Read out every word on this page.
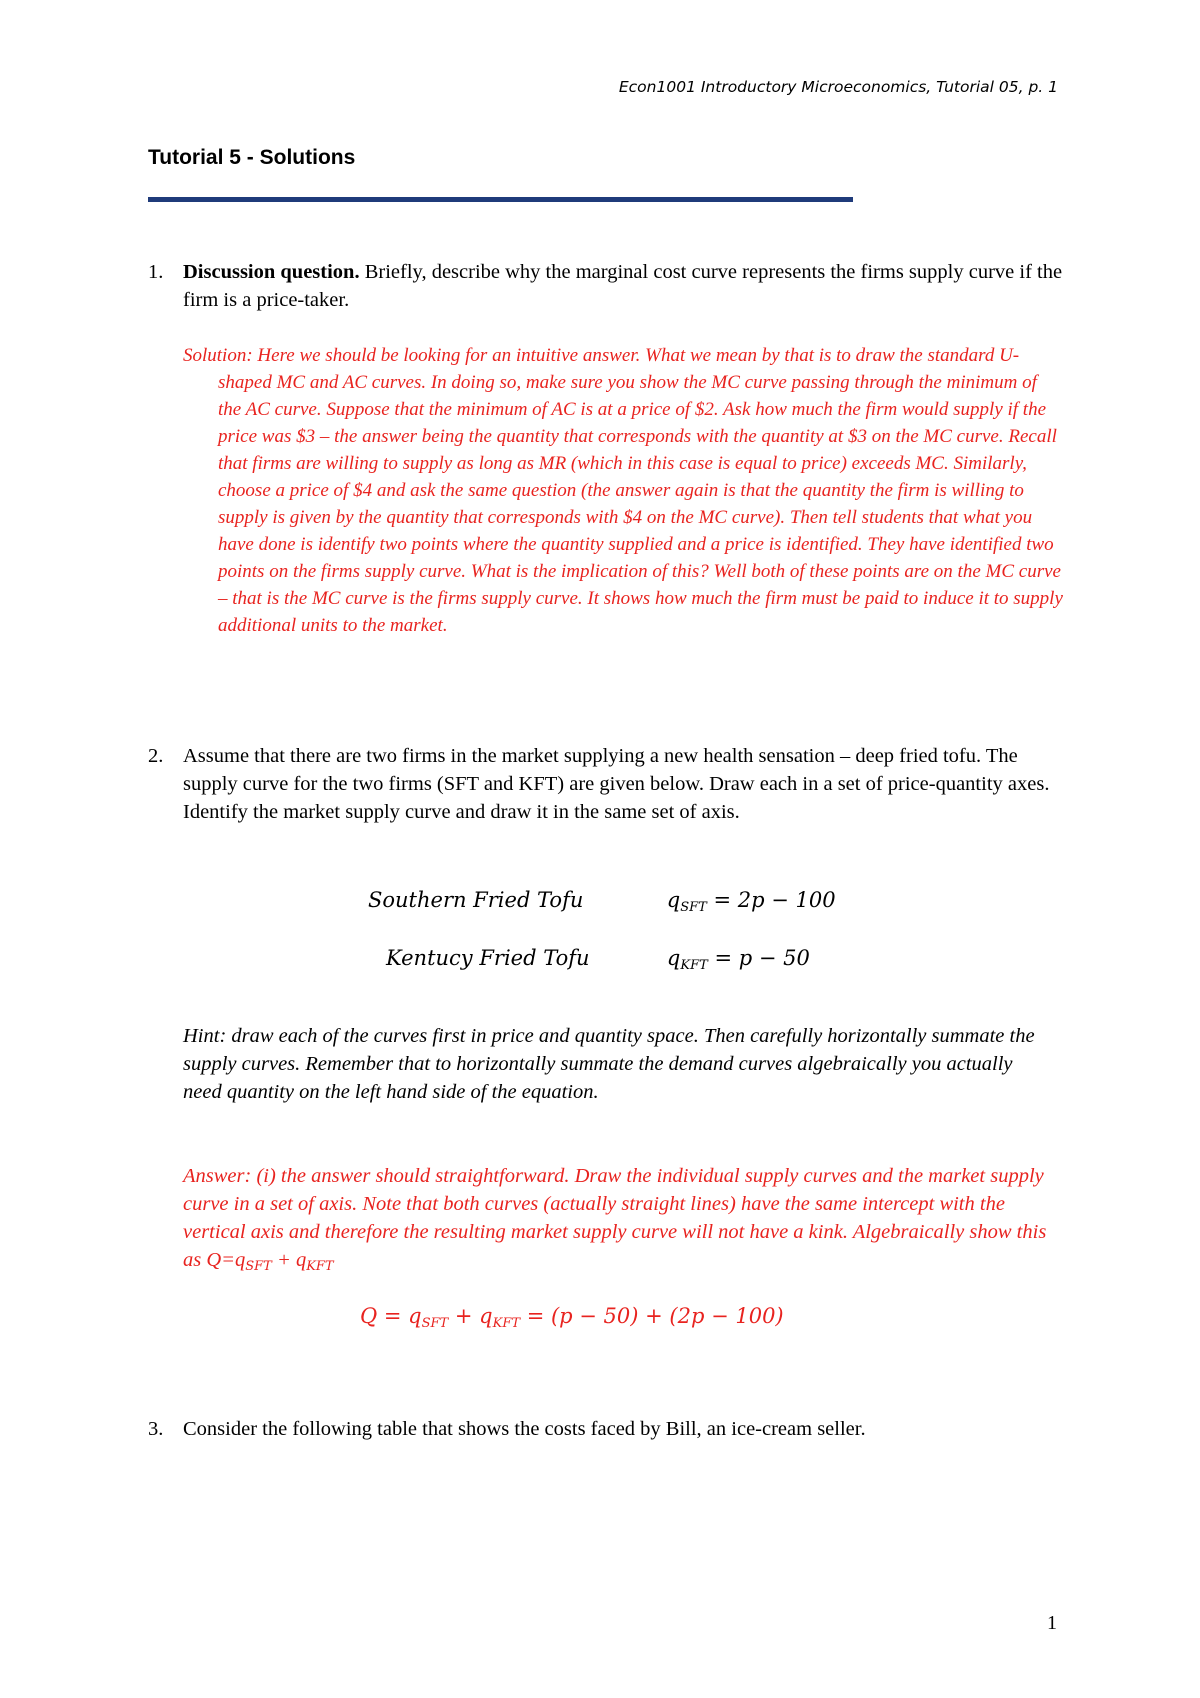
Econ1001 Introductory Microeconomics, Tutorial 05, p. 1
Tutorial 5 - Solutions
1. Discussion question. Briefly, describe why the marginal cost curve represents the firms supply curve if the firm is a price-taker.
Solution: Here we should be looking for an intuitive answer. What we mean by that is to draw the standard U-shaped MC and AC curves. In doing so, make sure you show the MC curve passing through the minimum of the AC curve. Suppose that the minimum of AC is at a price of $2. Ask how much the firm would supply if the price was $3 – the answer being the quantity that corresponds with the quantity at $3 on the MC curve. Recall that firms are willing to supply as long as MR (which in this case is equal to price) exceeds MC. Similarly, choose a price of $4 and ask the same question (the answer again is that the quantity the firm is willing to supply is given by the quantity that corresponds with $4 on the MC curve). Then tell students that what you have done is identify two points where the quantity supplied and a price is identified. They have identified two points on the firms supply curve. What is the implication of this? Well both of these points are on the MC curve – that is the MC curve is the firms supply curve. It shows how much the firm must be paid to induce it to supply additional units to the market.
2. Assume that there are two firms in the market supplying a new health sensation – deep fried tofu. The supply curve for the two firms (SFT and KFT) are given below. Draw each in a set of price-quantity axes. Identify the market supply curve and draw it in the same set of axis.
Southern Fried Tofu	$q_{SFT} = 2p - 100$
Kentucy Fried Tofu	$q_{KFT} = p - 50$
Hint: draw each of the curves first in price and quantity space. Then carefully horizontally summate the supply curves. Remember that to horizontally summate the demand curves algebraically you actually need quantity on the left hand side of the equation.
Answer: (i) the answer should straightforward. Draw the individual supply curves and the market supply curve in a set of axis. Note that both curves (actually straight lines) have the same intercept with the vertical axis and therefore the resulting market supply curve will not have a kink. Algebraically show this as $Q=q_{SFT} + q_{KFT}$
$Q = q_{SFT} + q_{KFT} = (p - 50) + (2p - 100)$
3. Consider the following table that shows the costs faced by Bill, an ice-cream seller.
1
